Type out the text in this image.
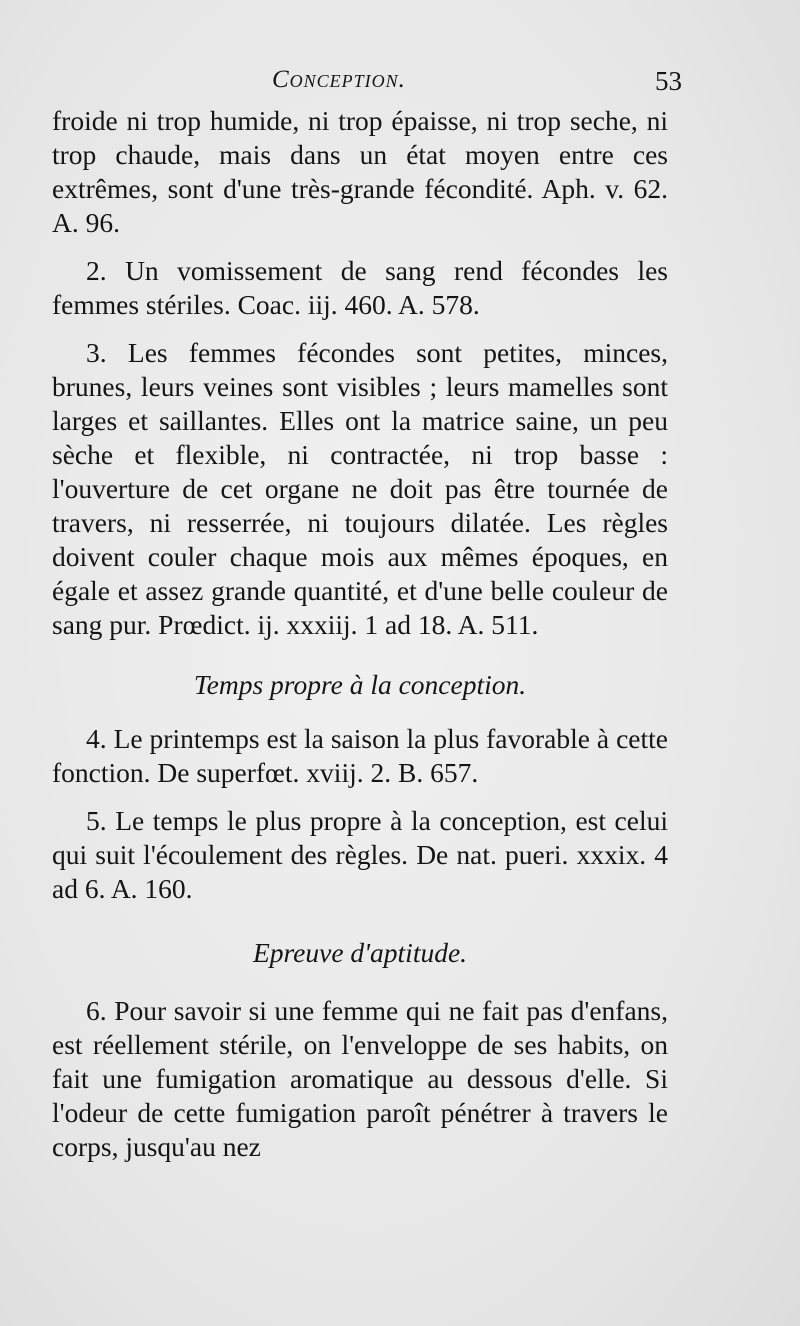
Conception.	53

froide ni trop humide, ni trop épaisse, ni trop seche, ni trop chaude, mais dans un état moyen entre ces extrêmes, sont d'une très-grande fécondité. Aph. v. 62. A. 96.

2. Un vomissement de sang rend fécondes les femmes stériles. Coac. iij. 460. A. 578.

3. Les femmes fécondes sont petites, minces, brunes, leurs veines sont visibles ; leurs mamelles sont larges et saillantes. Elles ont la matrice saine, un peu sèche et flexible, ni contractée, ni trop basse : l'ouverture de cet organe ne doit pas être tournée de travers, ni resserrée, ni toujours dilatée. Les règles doivent couler chaque mois aux mêmes époques, en égale et assez grande quantité, et d'une belle couleur de sang pur. Prœdict. ij. xxxiij. 1 ad 18. A. 511.

Temps propre à la conception.

4. Le printemps est la saison la plus favorable à cette fonction. De superfœt. xviij. 2. B. 657.

5. Le temps le plus propre à la conception, est celui qui suit l'écoulement des règles. De nat. pueri. xxxix. 4 ad 6. A. 160.

Epreuve d'aptitude.

6. Pour savoir si une femme qui ne fait pas d'enfans, est réellement stérile, on l'enveloppe de ses habits, on fait une fumigation aromatique au dessous d'elle. Si l'odeur de cette fumigation paroît pénétrer à travers le corps, jusqu'au nez
